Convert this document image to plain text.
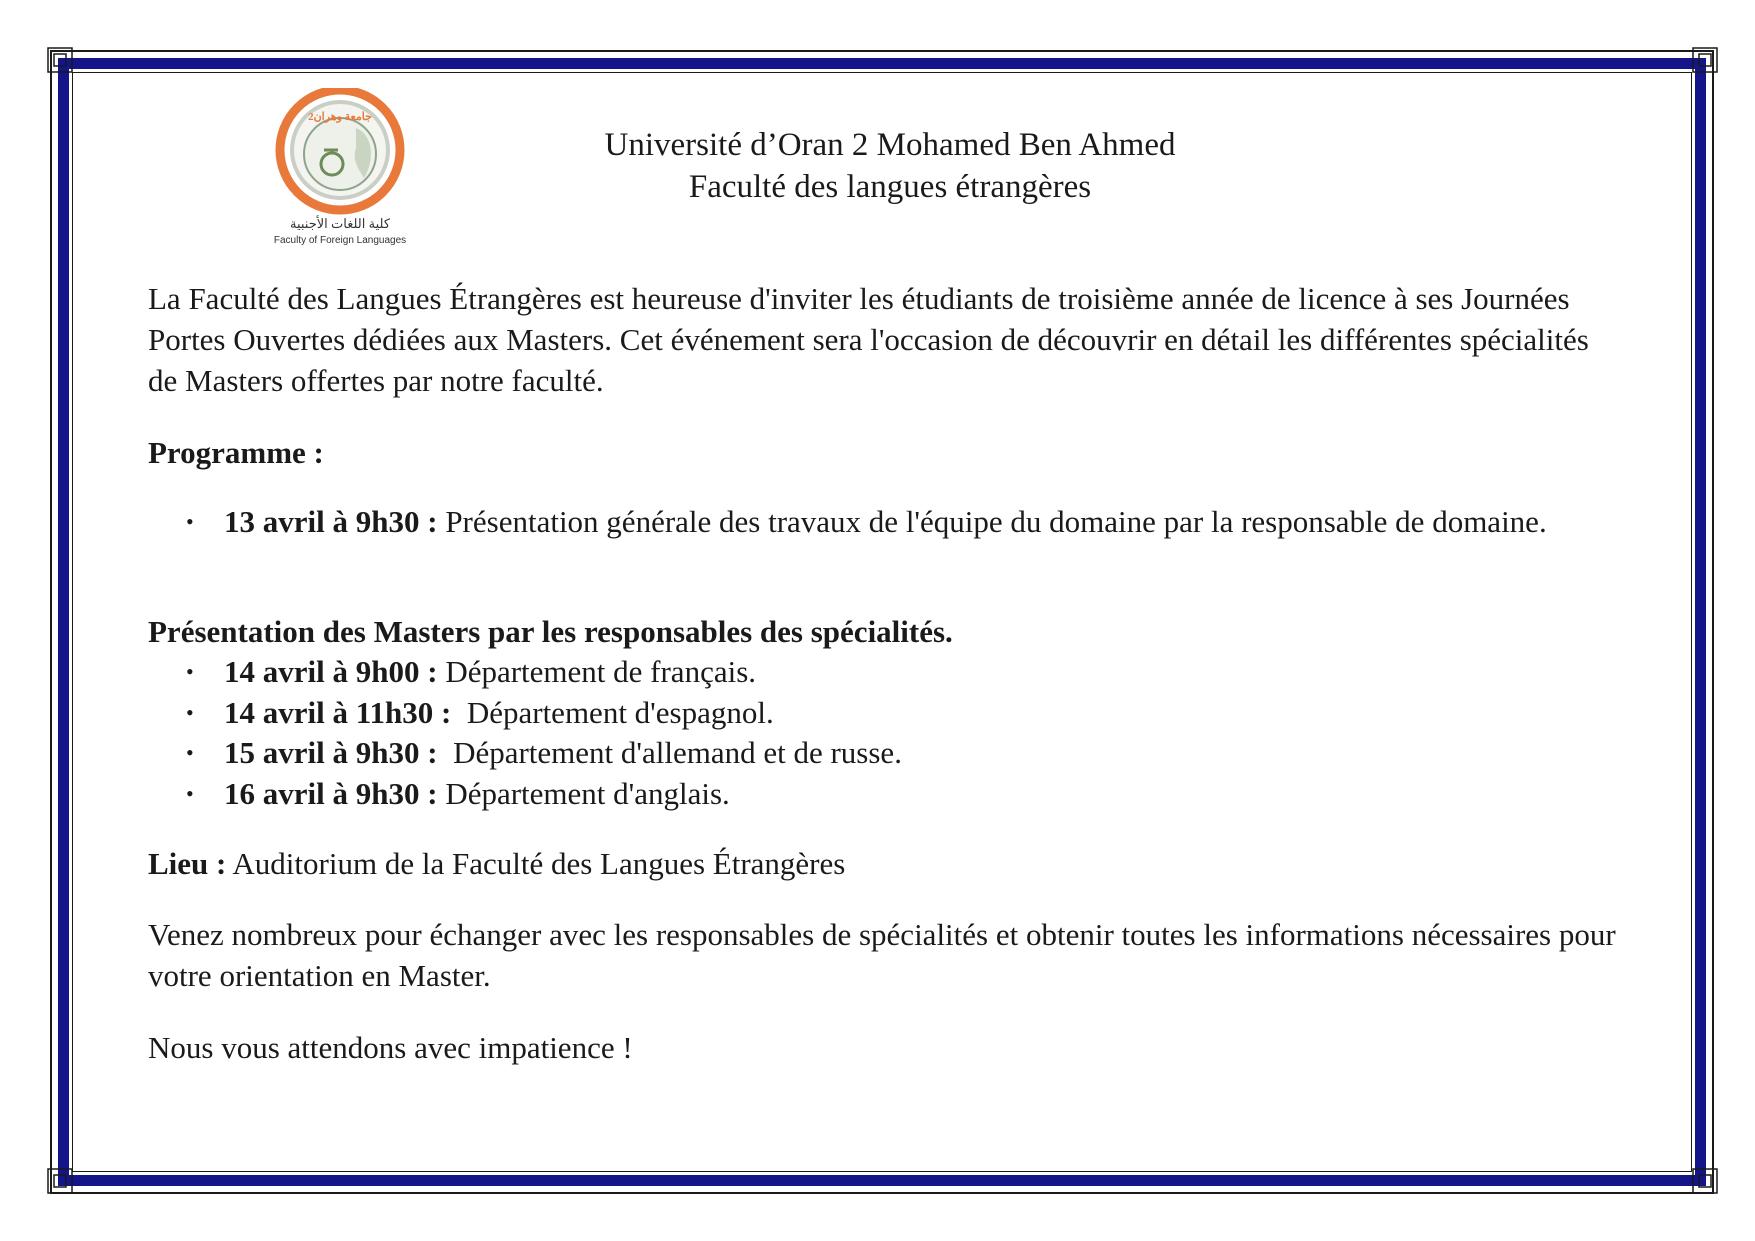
2جامعة وهران
كلية اللغات الأجنبية
Faculty of Foreign Languages
Université d’Oran 2 Mohamed Ben Ahmed
Faculté des langues étrangères

La Faculté des Langues Étrangères est heureuse d'inviter les étudiants de troisième année de licence à ses Journées Portes Ouvertes dédiées aux Masters. Cet événement sera l'occasion de découvrir en détail les différentes spécialités de Masters offertes par notre faculté.

Programme :

• 13 avril à 9h30 : Présentation générale des travaux de l'équipe du domaine par la responsable de domaine.

Présentation des Masters par les responsables des spécialités.

• 14 avril à 9h00 : Département de français.
• 14 avril à 11h30 :  Département d'espagnol.
• 15 avril à 9h30 :  Département d'allemand et de russe.
• 16 avril à 9h30 : Département d'anglais.

Lieu : Auditorium de la Faculté des Langues Étrangères

Venez nombreux pour échanger avec les responsables de spécialités et obtenir toutes les informations nécessaires pour votre orientation en Master.

Nous vous attendons avec impatience !
